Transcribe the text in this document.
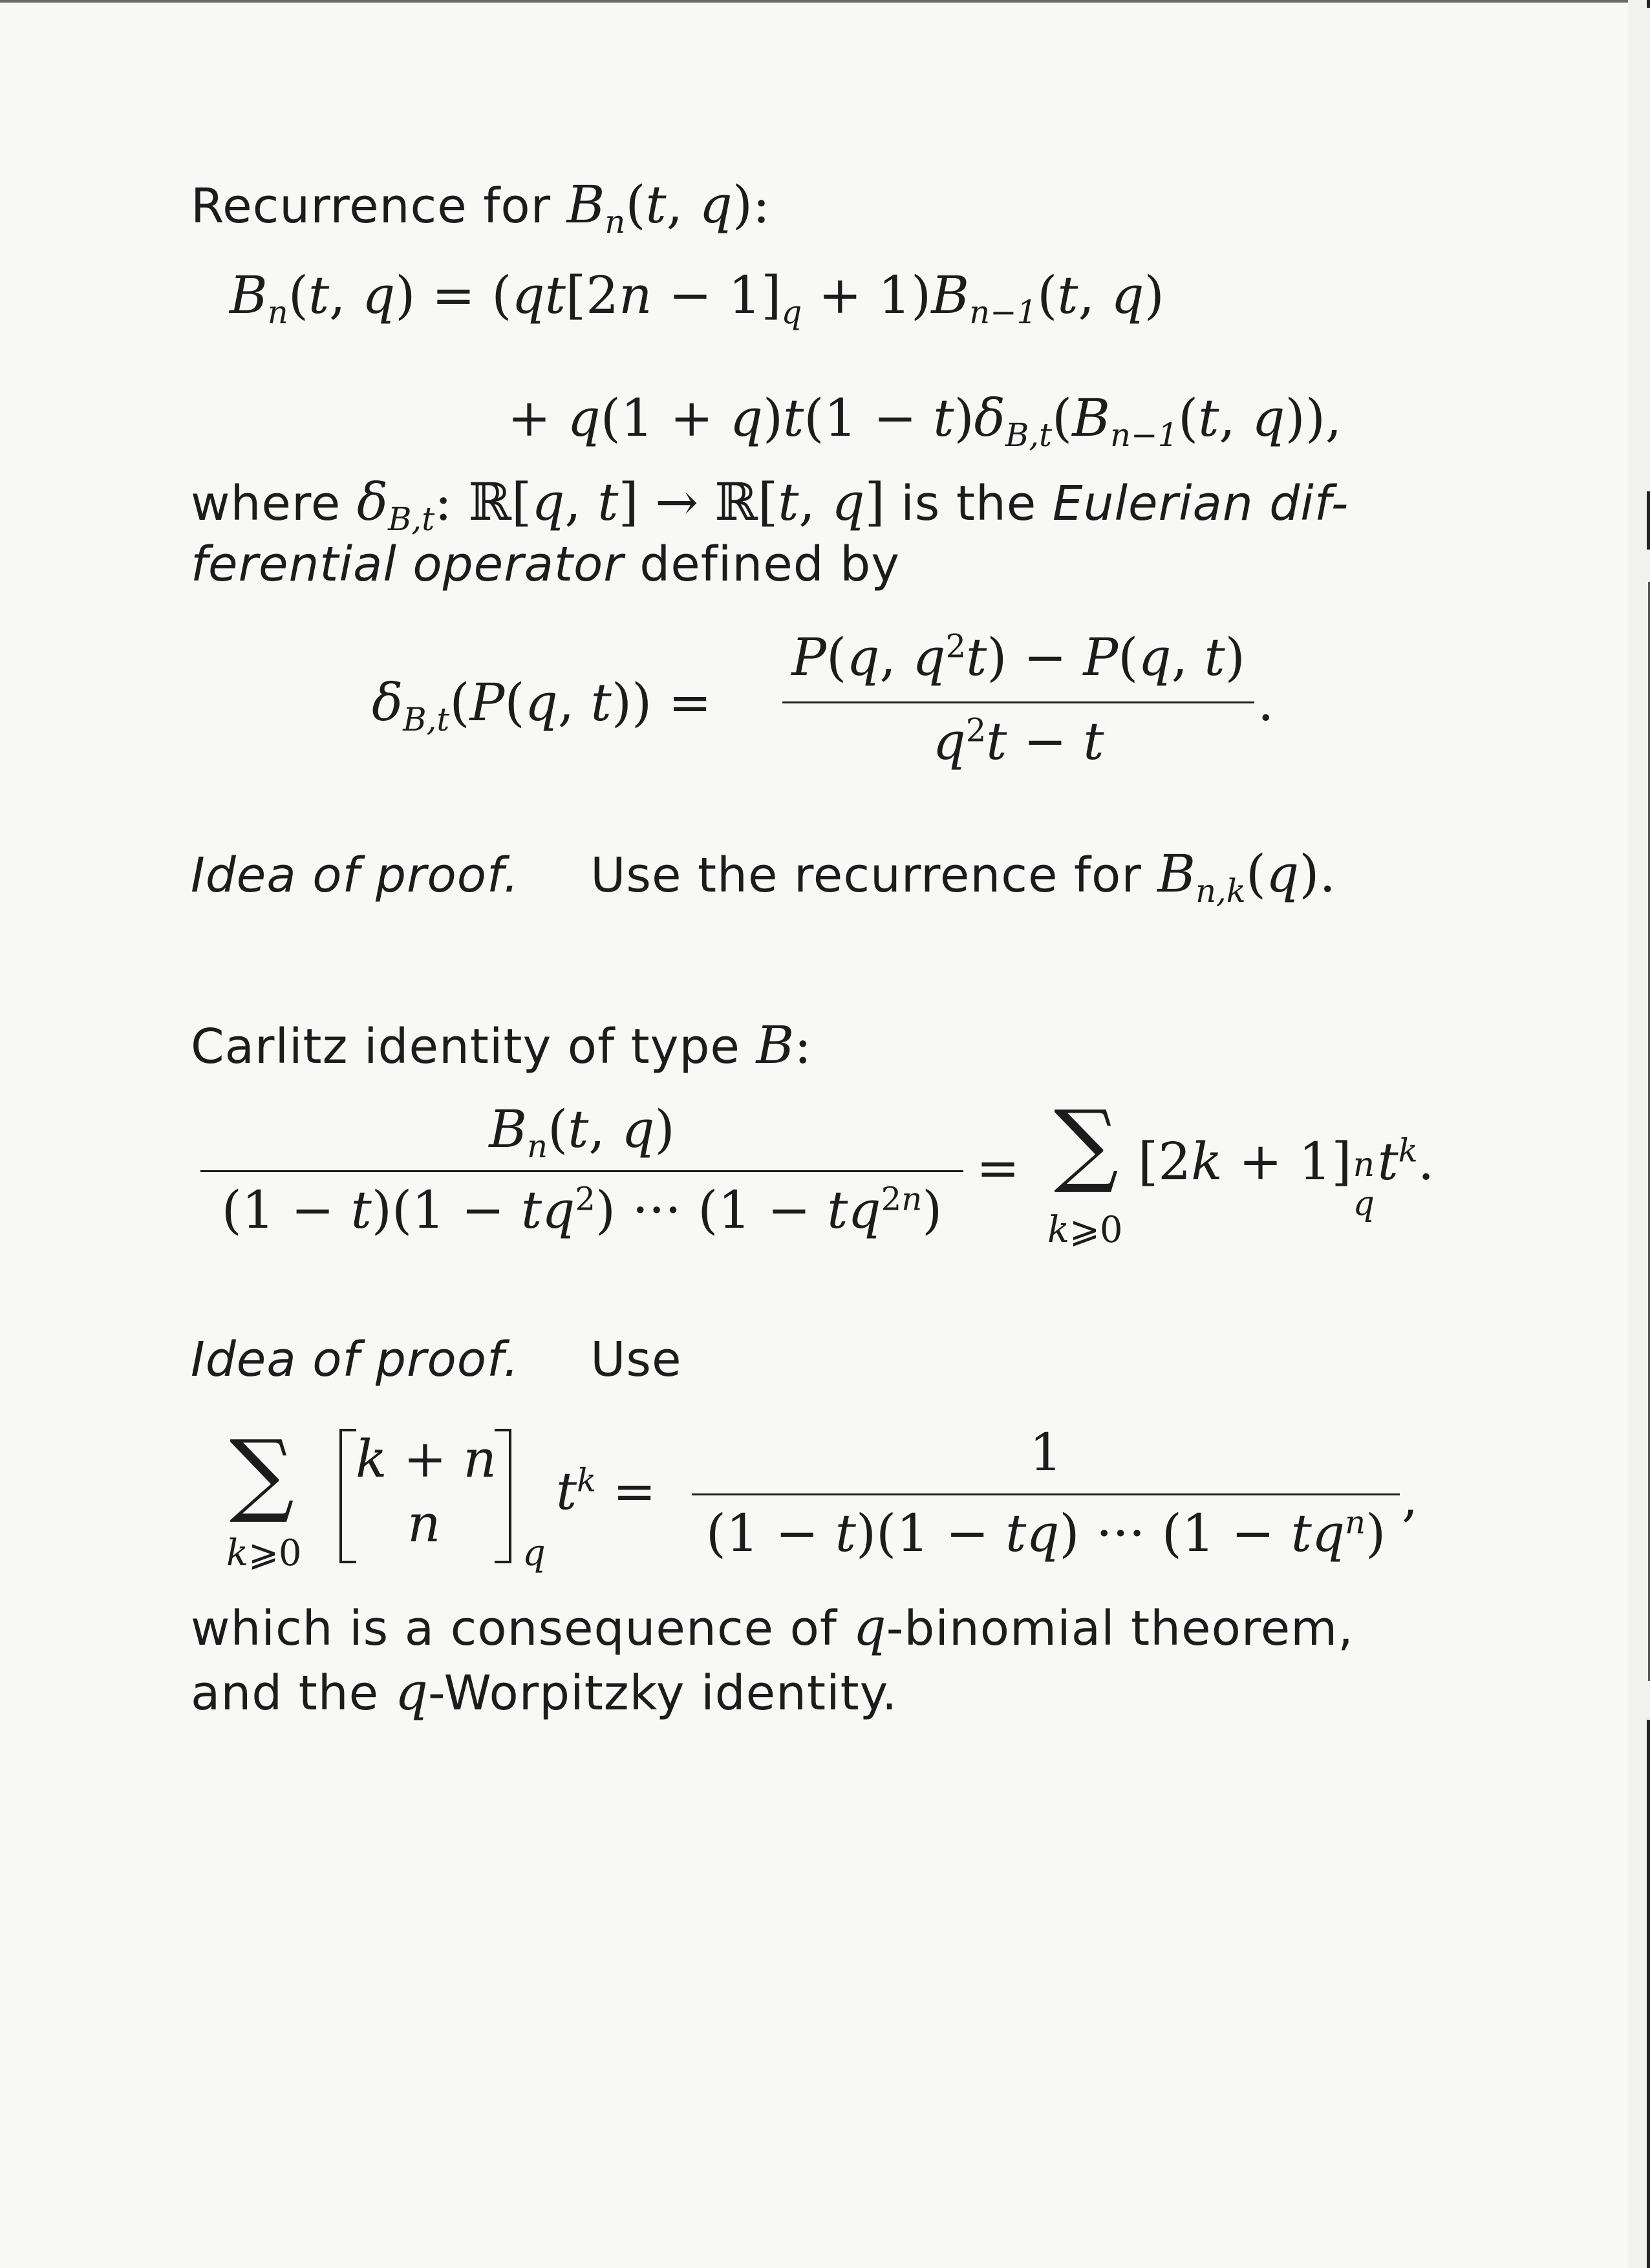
Recurrence for $B_n(t$, q):
$B_n(t$, $q) = (qt[2n - 1]_q + 1)B_{n-1}(t$, q)
+ $q(1 + q)t(1 - t)\delta_{B,t}(B_{n-1}(t$, q)),
where $\delta_{B,t}$: ℝ[q, t] → ℝ[t, q] is the Eulerian dif-
ferential operator defined by
$\delta_{B,t}(P(q$, t)) =
P(q, $q^2t) - P(q$, t)
$q^2t - t$
.
Idea of proof. Use the recurrence for $B_{n,k}(q)$.
Carlitz identity of type B:
$B_n(t$, q)
$(1 - t)(1 - tq^2)$ ··· $(1 - tq^{2n})$
= ∑ [2k + 1] n
q
$t^k$.
k⩾0
Idea of proof. Use
∑
k⩾0
k + n
n q
$t^k$ =
1
(1 − t)(1 − tq) ··· $(1 - tq^n)$
,
which is a consequence of q-binomial theorem,
and the q-Worpitzky identity.
